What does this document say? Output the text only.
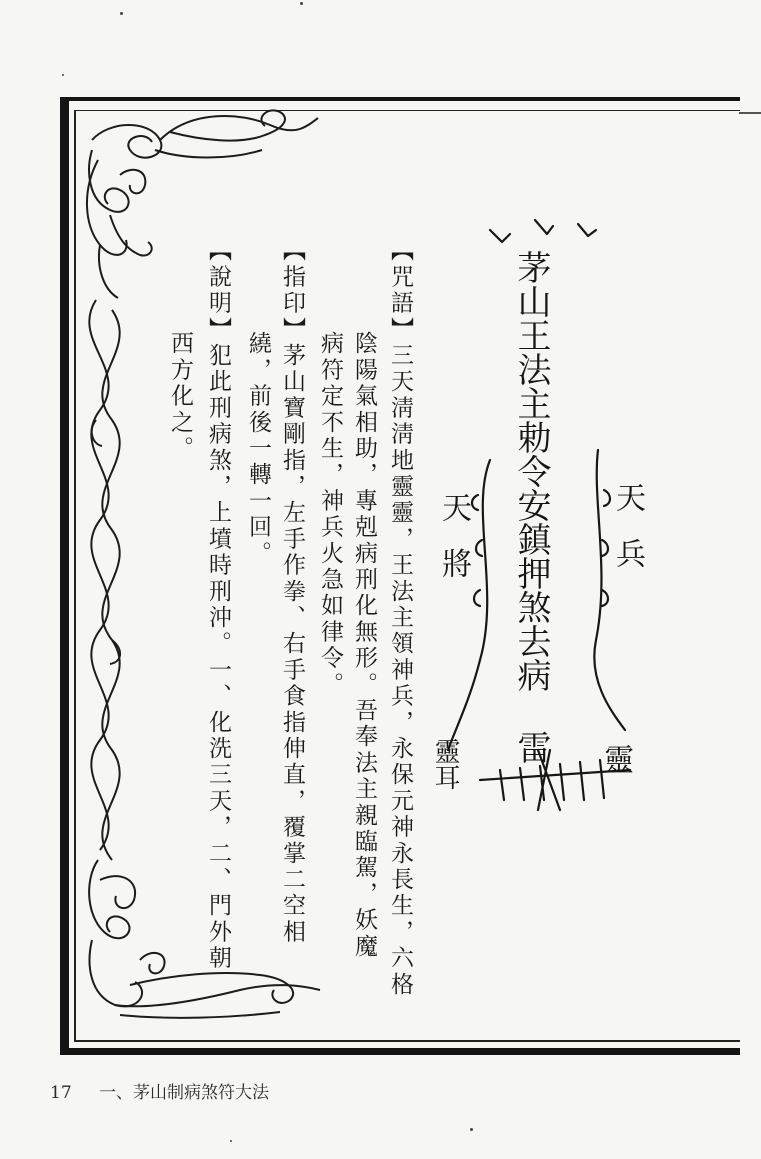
茅山王法主勅令安鎮押煞去病
雷
天兵
天將
靈
靈耳
【咒語】三天淸淸地靈靈，王法主領神兵，永保元神永長生，六格
陰陽氣相助，專剋病刑化無形。吾奉法主親臨駕，妖魔
病符定不生，神兵火急如律令。
【指印】茅山寶剛指，左手作拳、右手食指伸直，覆掌二空相
繞，前後一轉一回。
【說明】犯此刑病煞，上墳時刑沖。一、化洗三天，二、門外朝
西方化之。
17 一、茅山制病煞符大法
